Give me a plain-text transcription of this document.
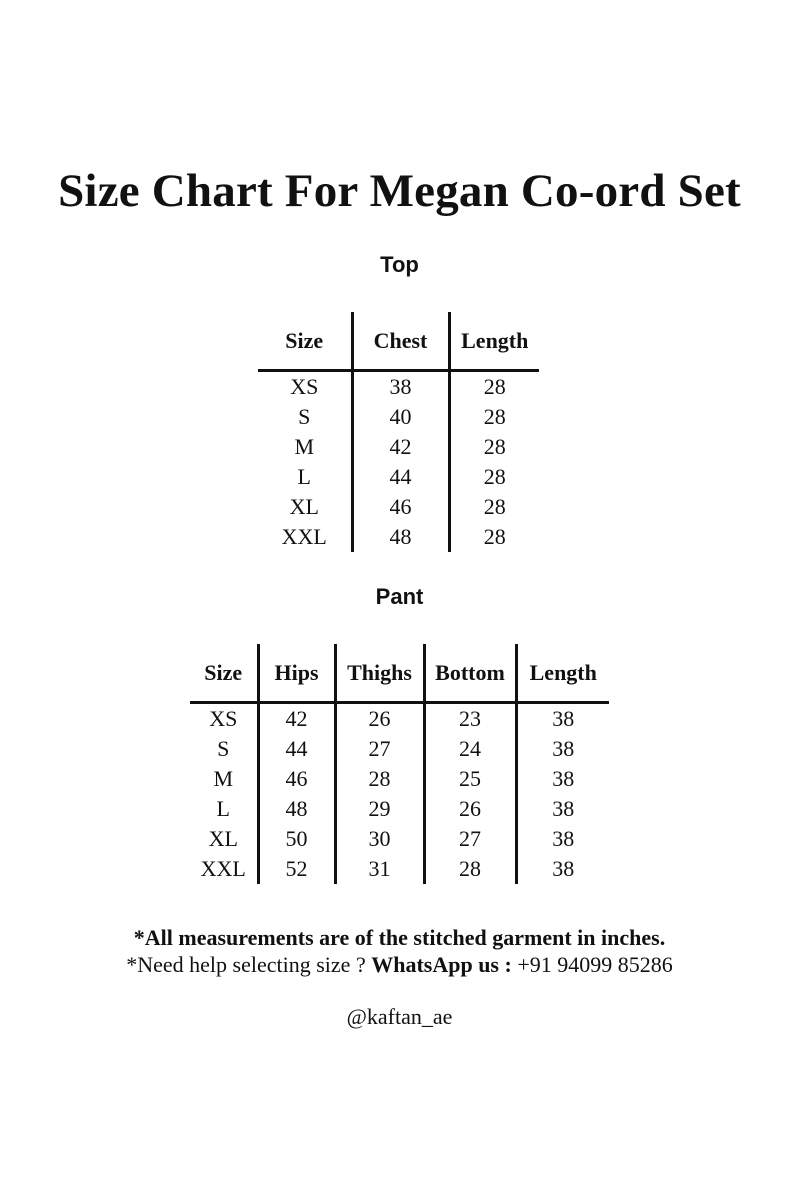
Size Chart For Megan Co-ord Set
Top
Size	Chest	Length
XS	38	28
S	40	28
M	42	28
L	44	28
XL	46	28
XXL	48	28
Pant
Size	Hips	Thighs	Bottom	Length
XS	42	26	23	38
S	44	27	24	38
M	46	28	25	38
L	48	29	26	38
XL	50	30	27	38
XXL	52	31	28	38
*All measurements are of the stitched garment in inches.
*Need help selecting size ? WhatsApp us : +91 94099 85286
@kaftan_ae
